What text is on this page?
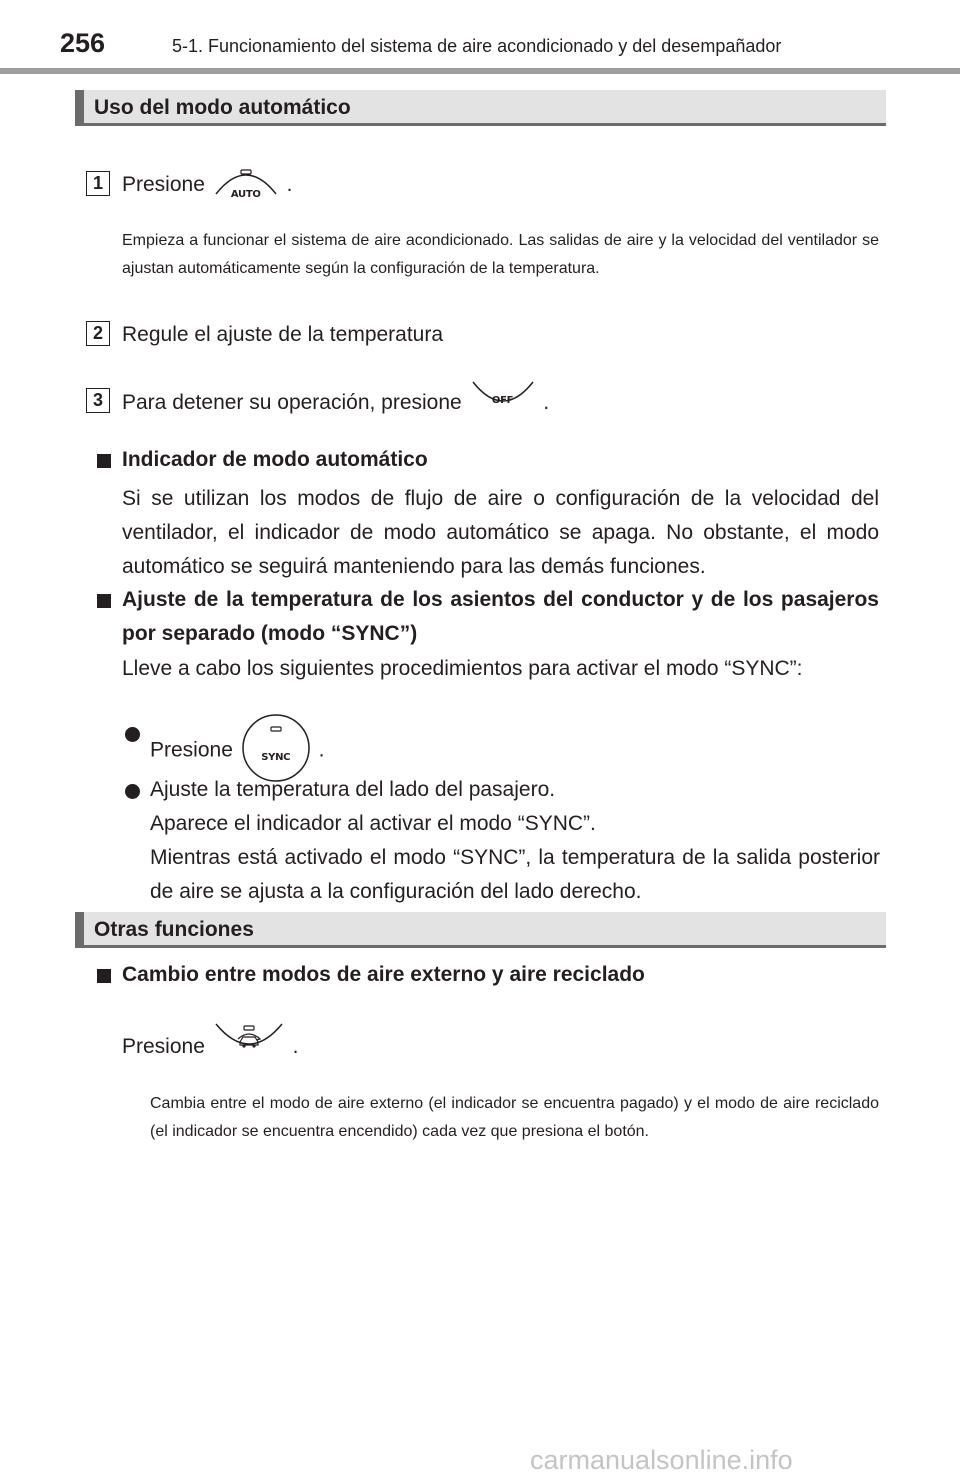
256	5-1. Funcionamiento del sistema de aire acondicionado y del desempañador
Uso del modo automático
1 Presione	AUTO	.
Empieza a funcionar el sistema de aire acondicionado. Las salidas de aire y la velocidad del ventilador se ajustan automáticamente según la configuración de la temperatura.
2 Regule el ajuste de la temperatura
3 Para detener su operación, presione	OFF	.
Indicador de modo automático
Si se utilizan los modos de flujo de aire o configuración de la velocidad del ventilador, el indicador de modo automático se apaga. No obstante, el modo automático se seguirá manteniendo para las demás funciones.
Ajuste de la temperatura de los asientos del conductor y de los pasajeros por separado (modo “SYNC”)
Lleve a cabo los siguientes procedimientos para activar el modo “SYNC”:
Presione	SYNC	.
Ajuste la temperatura del lado del pasajero.
Aparece el indicador al activar el modo “SYNC”.
Mientras está activado el modo “SYNC”, la temperatura de la salida posterior de aire se ajusta a la configuración del lado derecho.
Otras funciones
Cambio entre modos de aire externo y aire reciclado
Presione	.
Cambia entre el modo de aire externo (el indicador se encuentra pagado) y el modo de aire reciclado (el indicador se encuentra encendido) cada vez que presiona el botón.
carmanualsonline.info
